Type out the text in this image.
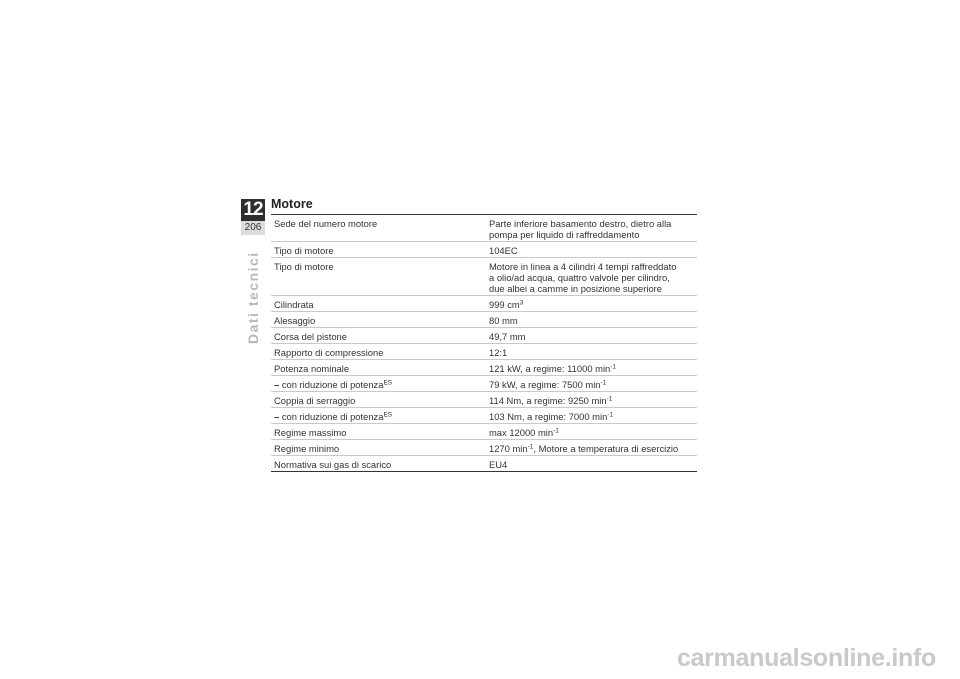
12
206
Dati tecnici
Motore
Sede del numero motore	Parte inferiore basamento destro, dietro alla pompa per liquido di raffreddamento
Tipo di motore	104EC
Tipo di motore	Motore in linea a 4 cilindri 4 tempi raffreddato a olio/ad acqua, quattro valvole per cilindro, due albei a camme in posizione superiore
Cilindrata	999 $cm^3$
Alesaggio	80 mm
Corsa del pistone	49,7 mm
Rapporto di compressione	12:1
Potenza nominale	121 kW, a regime: 11000 $\min^{-1}$
– con riduzione di potenza$^{ES}$	79 kW, a regime: 7500 $\min^{-1}$
Coppia di serraggio	114 Nm, a regime: 9250 $\min^{-1}$
– con riduzione di potenza$^{ES}$	103 Nm, a regime: 7000 $\min^{-1}$
Regime massimo	max 12000 $\min^{-1}$
Regime minimo	1270 $\min^{-1}$, Motore a temperatura di esercizio
Normativa sui gas di scarico	EU4
carmanualsonline.info
